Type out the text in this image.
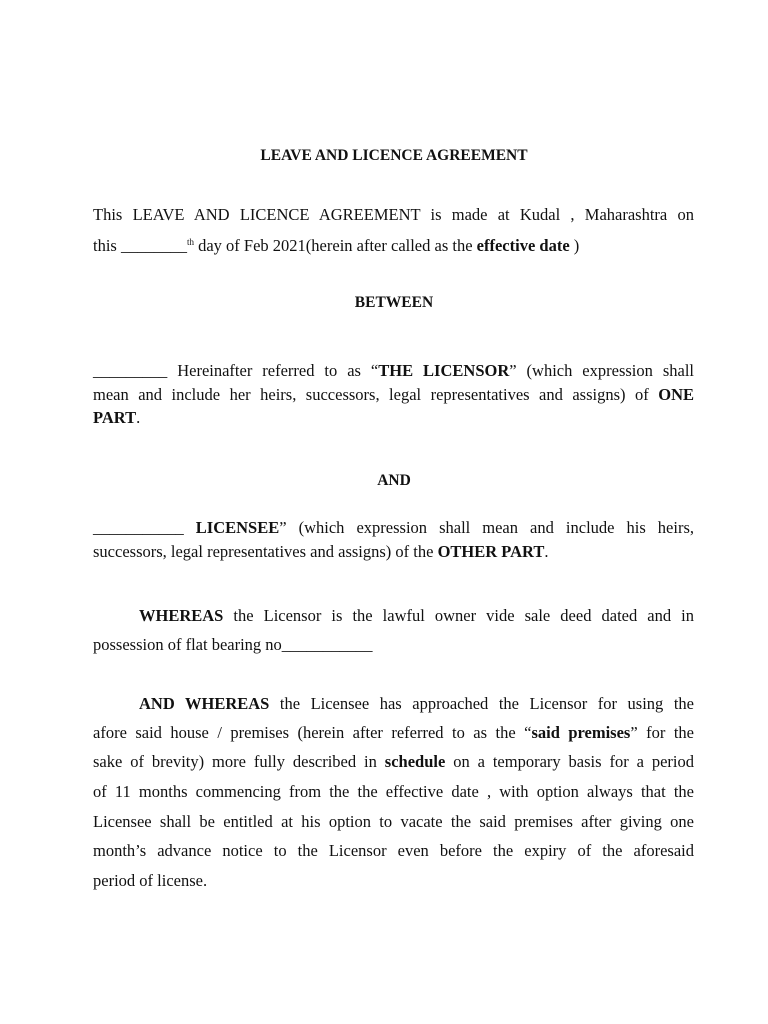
LEAVE AND LICENCE AGREEMENT
This LEAVE AND LICENCE AGREEMENT is made at Kudal , Maharashtra on
this ________$^{th}$ day of Feb 2021(herein after called as the effective date )
BETWEEN
_________ Hereinafter referred to as “THE LICENSOR” (which expression shall
mean and include her heirs, successors, legal representatives and assigns) of ONE
PART.
AND
___________ LICENSEE” (which expression shall mean and include his heirs,
successors, legal representatives and assigns) of the OTHER PART.
WHEREAS the Licensor is the lawful owner vide sale deed dated and in
possession of flat bearing no___________
AND WHEREAS the Licensee has approached the Licensor for using the
afore said house / premises (herein after referred to as the “said premises” for the
sake of brevity) more fully described in schedule on a temporary basis for a period
of 11 months commencing from the the effective date , with option always that the
Licensee shall be entitled at his option to vacate the said premises after giving one
month’s advance notice to the Licensor even before the expiry of the aforesaid
period of license.
